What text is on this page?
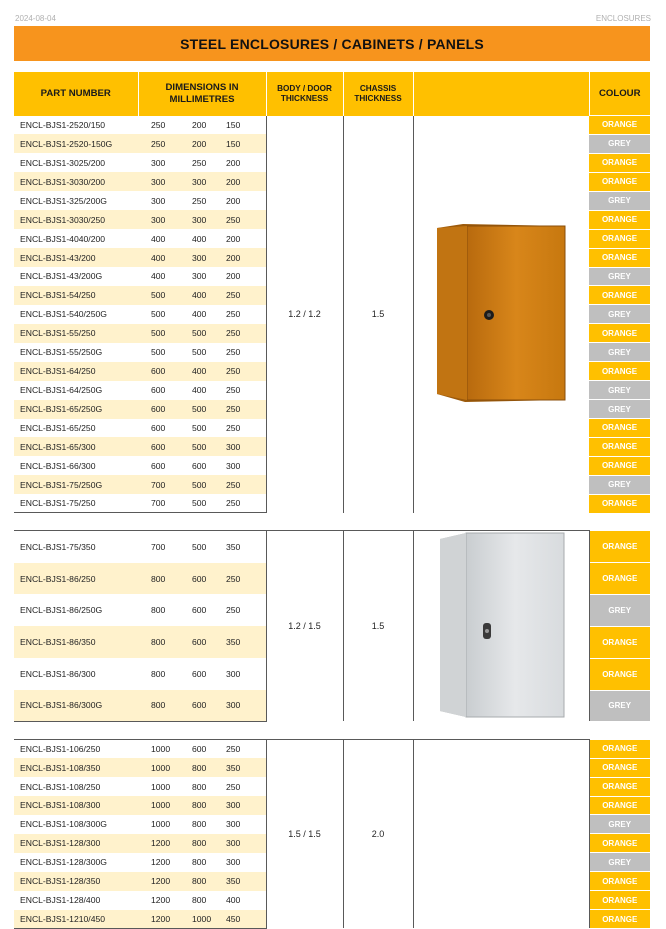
2024-08-04	ENCLOSURES
STEEL ENCLOSURES / CABINETS / PANELS
PART NUMBER	DIMENSIONS IN MILLIMETRES			BODY / DOOR THICKNESS	CHASSIS THICKNESS		COLOUR
ENCL-BJS1-2520/150	250	200	150	1.2 / 1.2	1.5		ORANGE
ENCL-BJS1-2520-150G	250	200	150				GREY
ENCL-BJS1-3025/200	300	250	200				ORANGE
ENCL-BJS1-3030/200	300	300	200				ORANGE
ENCL-BJS1-325/200G	300	250	200				GREY
ENCL-BJS1-3030/250	300	300	250				ORANGE
ENCL-BJS1-4040/200	400	400	200				ORANGE
ENCL-BJS1-43/200	400	300	200				ORANGE
ENCL-BJS1-43/200G	400	300	200				GREY
ENCL-BJS1-54/250	500	400	250				ORANGE
ENCL-BJS1-540/250G	500	400	250				GREY
ENCL-BJS1-55/250	500	500	250				ORANGE
ENCL-BJS1-55/250G	500	500	250				GREY
ENCL-BJS1-64/250	600	400	250				ORANGE
ENCL-BJS1-64/250G	600	400	250				GREY
ENCL-BJS1-65/250G	600	500	250				GREY
ENCL-BJS1-65/250	600	500	250				ORANGE
ENCL-BJS1-65/300	600	500	300				ORANGE
ENCL-BJS1-66/300	600	600	300				ORANGE
ENCL-BJS1-75/250G	700	500	250				GREY
ENCL-BJS1-75/250	700	500	250				ORANGE

ENCL-BJS1-75/350	700	500	350	1.2 / 1.5	1.5		ORANGE
ENCL-BJS1-86/250	800	600	250				ORANGE
ENCL-BJS1-86/250G	800	600	250				GREY
ENCL-BJS1-86/350	800	600	350				ORANGE
ENCL-BJS1-86/300	800	600	300				ORANGE
ENCL-BJS1-86/300G	800	600	300				GREY

ENCL-BJS1-106/250	1000	600	250	1.5 / 1.5	2.0		ORANGE
ENCL-BJS1-108/350	1000	800	350				ORANGE
ENCL-BJS1-108/250	1000	800	250				ORANGE
ENCL-BJS1-108/300	1000	800	300				ORANGE
ENCL-BJS1-108/300G	1000	800	300				GREY
ENCL-BJS1-128/300	1200	800	300				ORANGE
ENCL-BJS1-128/300G	1200	800	300				GREY
ENCL-BJS1-128/350	1200	800	350				ORANGE
ENCL-BJS1-128/400	1200	800	400				ORANGE
ENCL-BJS1-1210/450	1200	1000	450				ORANGE
